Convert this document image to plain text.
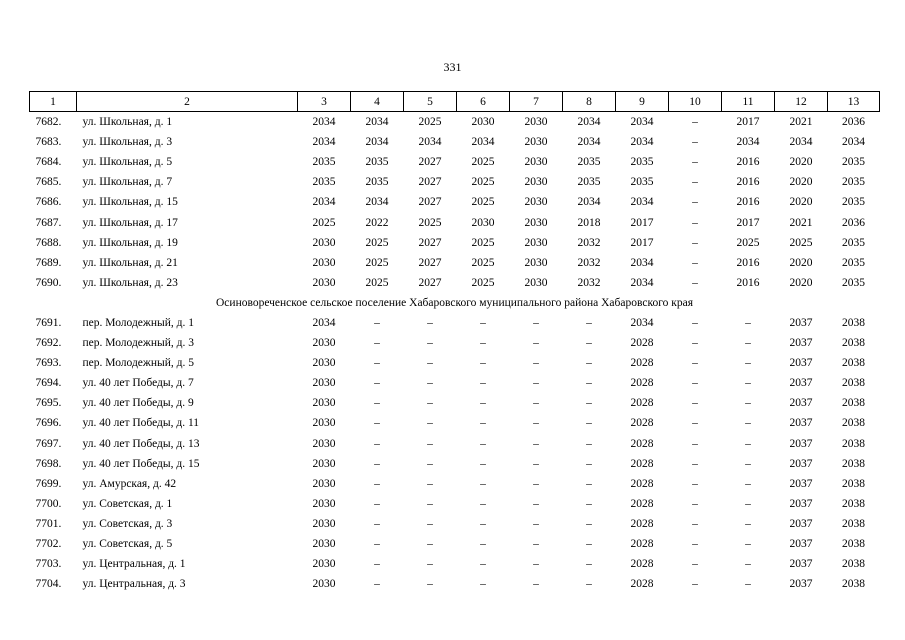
331
1	2	3	4	5	6	7	8	9	10	11	12	13
7682.	ул. Школьная, д. 1	2034	2034	2025	2030	2030	2034	2034	–	2017	2021	2036
7683.	ул. Школьная, д. 3	2034	2034	2034	2034	2030	2034	2034	–	2034	2034	2034
7684.	ул. Школьная, д. 5	2035	2035	2027	2025	2030	2035	2035	–	2016	2020	2035
7685.	ул. Школьная, д. 7	2035	2035	2027	2025	2030	2035	2035	–	2016	2020	2035
7686.	ул. Школьная, д. 15	2034	2034	2027	2025	2030	2034	2034	–	2016	2020	2035
7687.	ул. Школьная, д. 17	2025	2022	2025	2030	2030	2018	2017	–	2017	2021	2036
7688.	ул. Школьная, д. 19	2030	2025	2027	2025	2030	2032	2017	–	2025	2025	2035
7689.	ул. Школьная, д. 21	2030	2025	2027	2025	2030	2032	2034	–	2016	2020	2035
7690.	ул. Школьная, д. 23	2030	2025	2027	2025	2030	2032	2034	–	2016	2020	2035
Осиновореченское сельское поселение Хабаровского муниципального района Хабаровского края												
7691.	пер. Молодежный, д. 1	2034	–	–	–	–	–	2034	–	–	2037	2038
7692.	пер. Молодежный, д. 3	2030	–	–	–	–	–	2028	–	–	2037	2038
7693.	пер. Молодежный, д. 5	2030	–	–	–	–	–	2028	–	–	2037	2038
7694.	ул. 40 лет Победы, д. 7	2030	–	–	–	–	–	2028	–	–	2037	2038
7695.	ул. 40 лет Победы, д. 9	2030	–	–	–	–	–	2028	–	–	2037	2038
7696.	ул. 40 лет Победы, д. 11	2030	–	–	–	–	–	2028	–	–	2037	2038
7697.	ул. 40 лет Победы, д. 13	2030	–	–	–	–	–	2028	–	–	2037	2038
7698.	ул. 40 лет Победы, д. 15	2030	–	–	–	–	–	2028	–	–	2037	2038
7699.	ул. Амурская, д. 42	2030	–	–	–	–	–	2028	–	–	2037	2038
7700.	ул. Советская, д. 1	2030	–	–	–	–	–	2028	–	–	2037	2038
7701.	ул. Советская, д. 3	2030	–	–	–	–	–	2028	–	–	2037	2038
7702.	ул. Советская, д. 5	2030	–	–	–	–	–	2028	–	–	2037	2038
7703.	ул. Центральная, д. 1	2030	–	–	–	–	–	2028	–	–	2037	2038
7704.	ул. Центральная, д. 3	2030	–	–	–	–	–	2028	–	–	2037	2038
